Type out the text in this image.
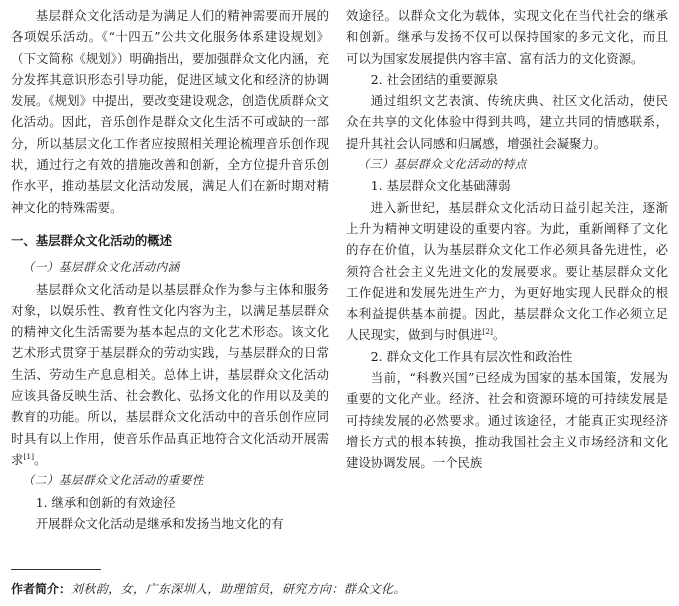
基层群众文化活动是为满足人们的精神需要而开展的各项娱乐活动。《“十四五”公共文化服务体系建设规划》（下文简称《规划》）明确指出，要加强群众文化内涵，充分发挥其意识形态引导功能，促进区域文化和经济的协调发展。《规划》中提出，要改变建设观念，创造优质群众文化活动。因此，音乐创作是群众文化生活不可或缺的一部分，所以基层文化工作者应按照相关理论梳理音乐创作现状，通过行之有效的措施改善和创新，全方位提升音乐创作水平，推动基层文化活动发展，满足人们在新时期对精神文化的特殊需要。

一、基层群众文化活动的概述

（一）基层群众文化活动内涵

基层群众文化活动是以基层群众作为参与主体和服务对象，以娱乐性、教育性文化内容为主，以满足基层群众的精神文化生活需要为基本起点的文化艺术形态。该文化艺术形式贯穿于基层群众的劳动实践，与基层群众的日常生活、劳动生产息息相关。总体上讲，基层群众文化活动应该具备反映生活、社会教化、弘扬文化的作用以及美的教育的功能。所以，基层群众文化活动中的音乐创作应同时具有以上作用，使音乐作品真正地符合文化活动开展需求[1]。

（二）基层群众文化活动的重要性

1. 继承和创新的有效途径

开展群众文化活动是继承和发扬当地文化的有

效途径。以群众文化为载体，实现文化在当代社会的继承和创新。继承与发扬不仅可以保持国家的多元文化，而且可以为国家发展提供内容丰富、富有活力的文化资源。

2. 社会团结的重要源泉

通过组织文艺表演、传统庆典、社区文化活动，使民众在共享的文化体验中得到共鸣，建立共同的情感联系，提升其社会认同感和归属感，增强社会凝聚力。

（三）基层群众文化活动的特点

1. 基层群众文化基础薄弱

进入新世纪，基层群众文化活动日益引起关注，逐渐上升为精神文明建设的重要内容。为此，重新阐释了文化的存在价值，认为基层群众文化工作必须具备先进性，必须符合社会主义先进文化的发展要求。要让基层群众文化工作促进和发展先进生产力，为更好地实现人民群众的根本利益提供基本前提。因此，基层群众文化工作必须立足人民现实，做到与时俱进[2]。

2. 群众文化工作具有层次性和政治性

当前，“科教兴国”已经成为国家的基本国策，发展为重要的文化产业。经济、社会和资源环境的可持续发展是可持续发展的必然要求。通过该途径，才能真正实现经济增长方式的根本转换，推动我国社会主义市场经济和文化建设协调发展。一个民族

作者简介：刘秋韵，女，广东深圳人，助理馆员，研究方向：群众文化。
